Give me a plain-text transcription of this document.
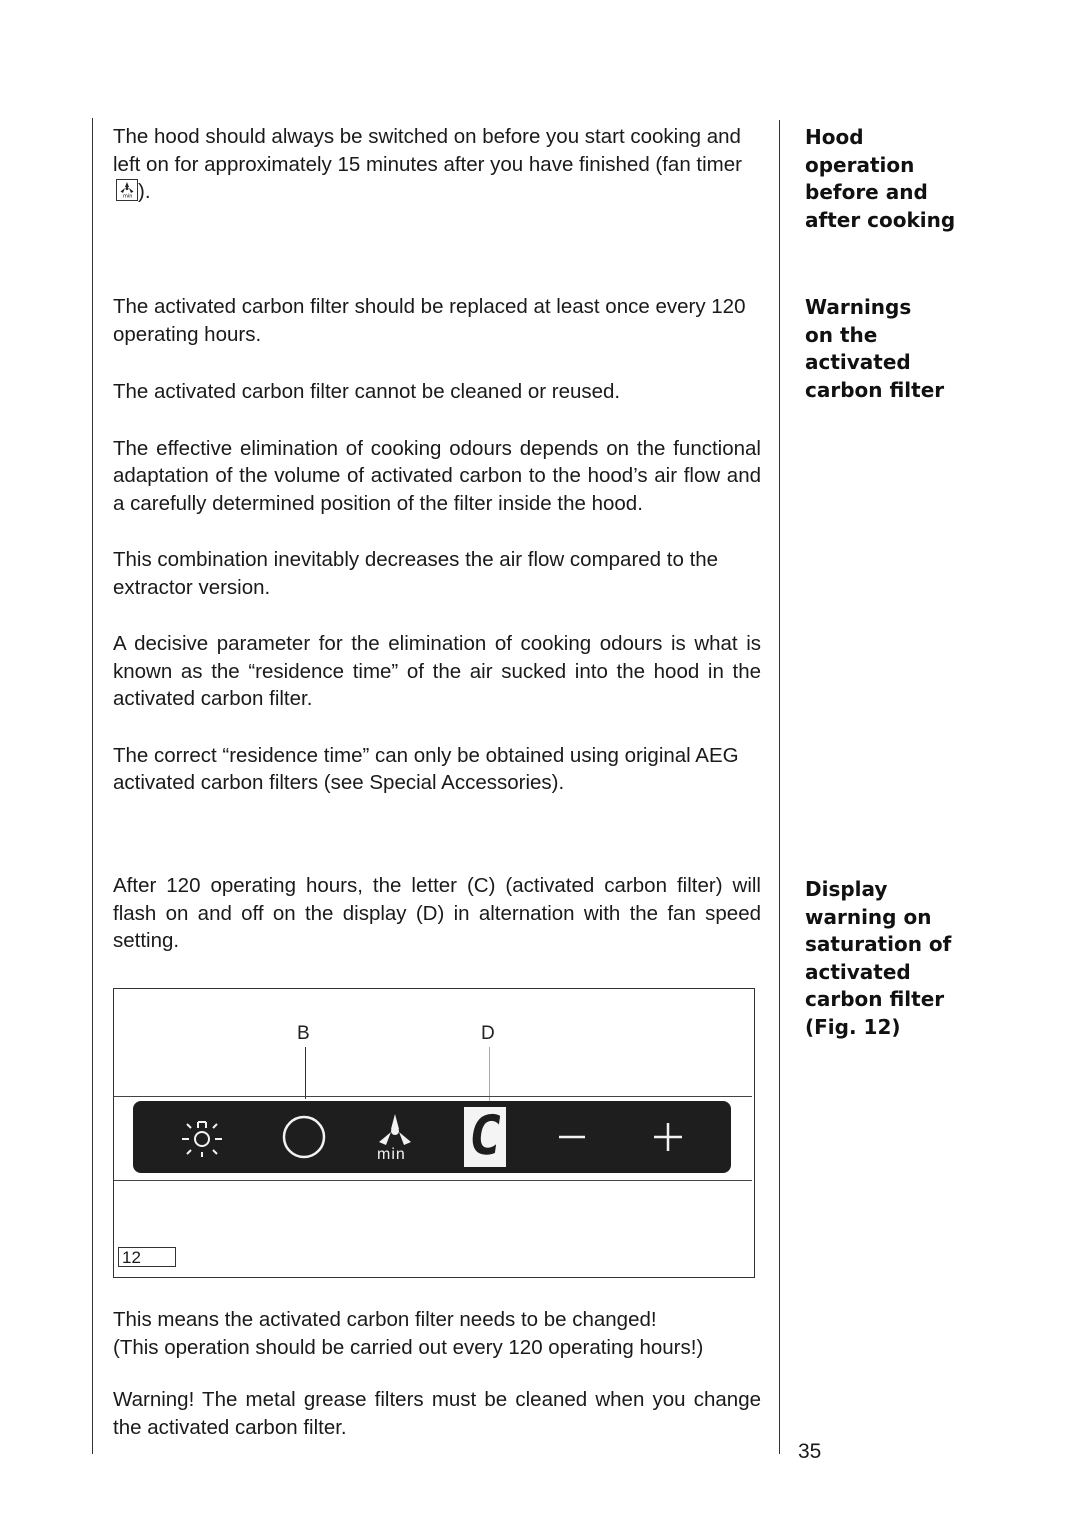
The hood should always be switched on before you start cooking and left on for approximately 15 minutes after you have finished (fan timer
min ).

Hood
operation
before and
after cooking

The activated carbon filter should be replaced at least once every 120 operating hours.

The activated carbon filter cannot be cleaned or reused.

The effective elimination of cooking odours depends on the functional adaptation of the volume of activated carbon to the hood’s air flow and a carefully determined position of the filter inside the hood.

This combination inevitably decreases the air flow compared to the extractor version.

A decisive parameter for the elimination of cooking odours is what is known as the “residence time” of the air sucked into the hood in the activated carbon filter.

The correct “residence time” can only be obtained using original AEG activated carbon filters (see Special Accessories).

Warnings
on the
activated
carbon filter

After 120 operating hours, the letter (C) (activated carbon filter) will flash on and off on the display (D) in alternation with the fan speed setting.

Display
warning on
saturation of
activated
carbon filter
(Fig. 12)
B	D
min C
12

This means the activated carbon filter needs to be changed!

(This operation should be carried out every 120 operating hours!)

Warning! The metal grease filters must be cleaned when you change the activated carbon filter.

35
